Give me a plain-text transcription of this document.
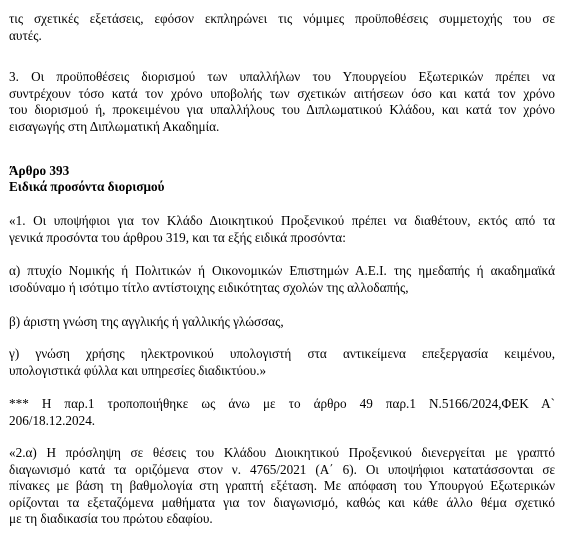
τις σχετικές εξετάσεις, εφόσον εκπληρώνει τις νόμιμες προϋποθέσεις συμμετοχής του σε
αυτές.

3. Οι προϋποθέσεις διορισμού των υπαλλήλων του Υπουργείου Εξωτερικών πρέπει να
συντρέχουν τόσο κατά τον χρόνο υποβολής των σχετικών αιτήσεων όσο και κατά τον χρόνο
του διορισμού ή, προκειμένου για υπαλλήλους του Διπλωματικού Κλάδου, και κατά τον χρόνο
εισαγωγής στη Διπλωματική Ακαδημία.

Άρθρο 393
Ειδικά προσόντα διορισμού

«1. Οι υποψήφιοι για τον Κλάδο Διοικητικού Προξενικού πρέπει να διαθέτουν, εκτός από τα
γενικά προσόντα του άρθρου 319, και τα εξής ειδικά προσόντα:

α) πτυχίο Νομικής ή Πολιτικών ή Οικονομικών Επιστημών Α.Ε.Ι. της ημεδαπής ή ακαδημαϊκά
ισοδύναμο ή ισότιμο τίτλο αντίστοιχης ειδικότητας σχολών της αλλοδαπής,

β) άριστη γνώση της αγγλικής ή γαλλικής γλώσσας,

γ) γνώση χρήσης ηλεκτρονικού υπολογιστή στα αντικείμενα επεξεργασία κειμένου,
υπολογιστικά φύλλα και υπηρεσίες διαδικτύου.»

*** Η παρ.1 τροποποιήθηκε ως άνω με το άρθρο 49 παρ.1 Ν.5166/2024,ΦΕΚ Α`
206/18.12.2024.

«2.α) Η πρόσληψη σε θέσεις του Κλάδου Διοικητικού Προξενικού διενεργείται με γραπτό
διαγωνισμό κατά τα οριζόμενα στον ν. 4765/2021 (Α΄ 6). Οι υποψήφιοι κατατάσσονται σε
πίνακες με βάση τη βαθμολογία στη γραπτή εξέταση. Με απόφαση του Υπουργού Εξωτερικών
ορίζονται τα εξεταζόμενα μαθήματα για τον διαγωνισμό, καθώς και κάθε άλλο θέμα σχετικό
με τη διαδικασία του πρώτου εδαφίου.
